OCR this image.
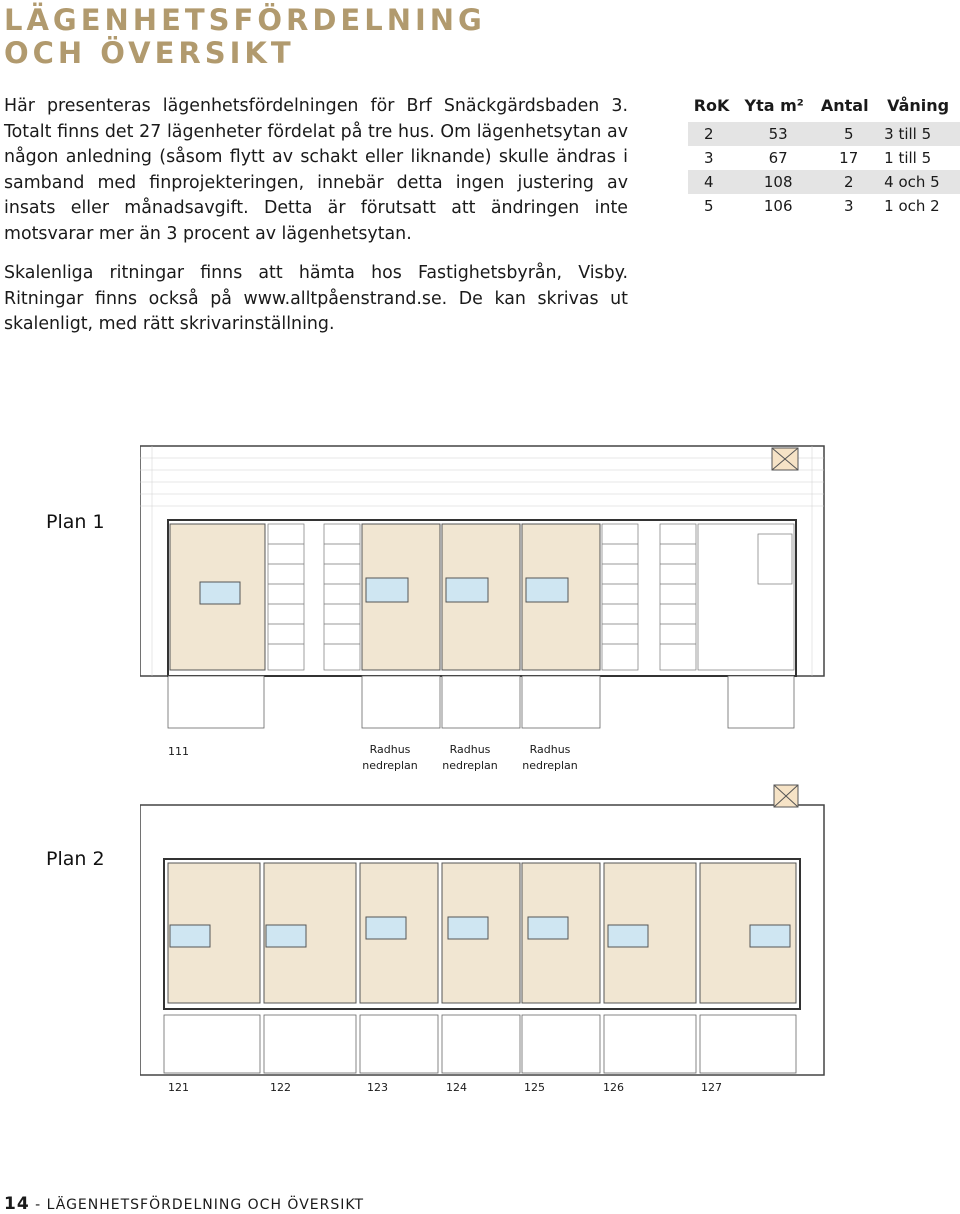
LÄGENHETSFÖRDELNING
OCH ÖVERSIKT

Här presenteras lägenhetsfördelningen för Brf Snäckgärdsbaden 3. Totalt finns det 27 lägenheter fördelat på tre hus. Om lägenhetsytan av någon anledning (såsom flytt av schakt eller liknande) skulle ändras i samband med finprojekteringen, innebär detta ingen justering av insats eller månadsavgift. Detta är förutsatt att ändringen inte motsvarar mer än 3 procent av lägenhetsytan.

Skalenliga ritningar finns att hämta hos Fastighetsbyrån, Visby. Ritningar finns också på www.alltpåenstrand.se. De kan skrivas ut skalenligt, med rätt skrivarinställning.

RoK	Yta m²	Antal	Våning
2	53	5	3 till 5
3	67	17	1 till 5
4	108	2	4 och 5
5	106	3	1 och 2
Plan 1
111	Radhus
nedreplan
Radhus
nedreplan
Radhus
nedreplan
Plan 2
121	122	123	124	125	126	127
14 - LÄGENHETSFÖRDELNING OCH ÖVERSIKT
